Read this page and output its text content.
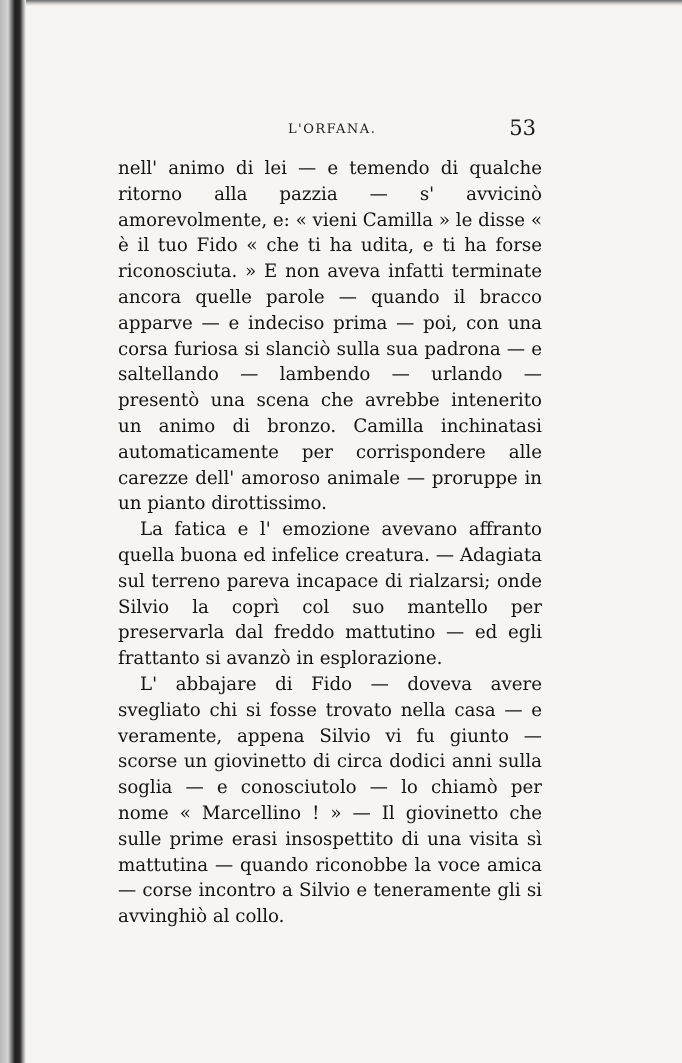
L'ORFANA.	53

nell' animo di lei — e temendo di qualche ritorno alla pazzia — s' avvicinò amorevolmente, e: « vieni Camilla » le disse « è il tuo Fido « che ti ha udita, e ti ha forse riconosciuta. » E non aveva infatti terminate ancora quelle parole — quando il bracco apparve — e indeciso prima — poi, con una corsa furiosa si slanciò sulla sua padrona — e saltellando — lambendo — urlando — presentò una scena che avrebbe intenerito un animo di bronzo. Camilla inchinatasi automaticamente per corrispondere alle carezze dell' amoroso animale — proruppe in un pianto dirottissimo.

La fatica e l' emozione avevano affranto quella buona ed infelice creatura. — Adagiata sul terreno pareva incapace di rialzarsi; onde Silvio la coprì col suo mantello per preservarla dal freddo mattutino — ed egli frattanto si avanzò in esplorazione.

L' abbajare di Fido — doveva avere svegliato chi si fosse trovato nella casa — e veramente, appena Silvio vi fu giunto — scorse un giovinetto di circa dodici anni sulla soglia — e conosciutolo — lo chiamò per nome « Marcellino ! » — Il giovinetto che sulle prime erasi insospettito di una visita sì mattutina — quando riconobbe la voce amica — corse incontro a Silvio e teneramente gli si avvinghiò al collo.
